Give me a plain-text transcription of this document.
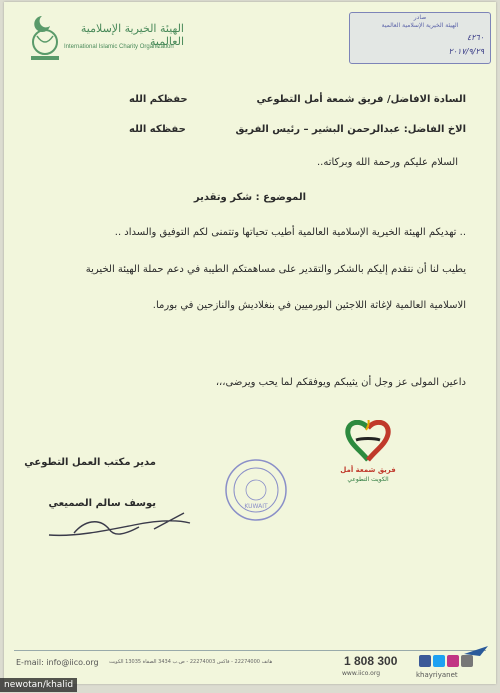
الهيئة الخيرية الإسلامية العالمية
International Islamic Charity Organization
صادر
الهيئة الخيرية الإسلامية العالمية
٤٢٦٠
٢٠١٧/٩/٢٩
السادة الافاضل/ فريق شمعة أمل التطوعي
حفظكم الله
الاخ الفاضل: عبدالرحمن البشير – رئيس الفريق
حفظكه الله
السلام عليكم ورحمة الله وبركاته..
الموضوع : شكر وتقدير
.. تهديكم الهيئة الخيرية الإسلامية العالمية أطيب تحياتها وتتمنى لكم التوفيق والسداد ..
يطيب لنا أن نتقدم إليكم بالشكر والتقدير على مساهمتكم الطيبة في دعم حملة الهيئة الخيرية
الاسلامية العالمية لإغاثة اللاجئين البورميين في بنغلاديش والنازحين في بورما.
داعين المولى عز وجل أن يثيبكم ويوفقكم لما يحب ويرضى،،،
مدير مكتب العمل التطوعي
يوسف سالم الصميعي	KUWAIT
فريق شمعة أمل
الكويت التطوعي
E-mail: info@iico.org هاتف 22274000 - فاكس 22274003 - ص.ب 3434 الصفاة 13035 الكويت	1 808 300
www.iico.org	khayriyanet
newotan/khalid
